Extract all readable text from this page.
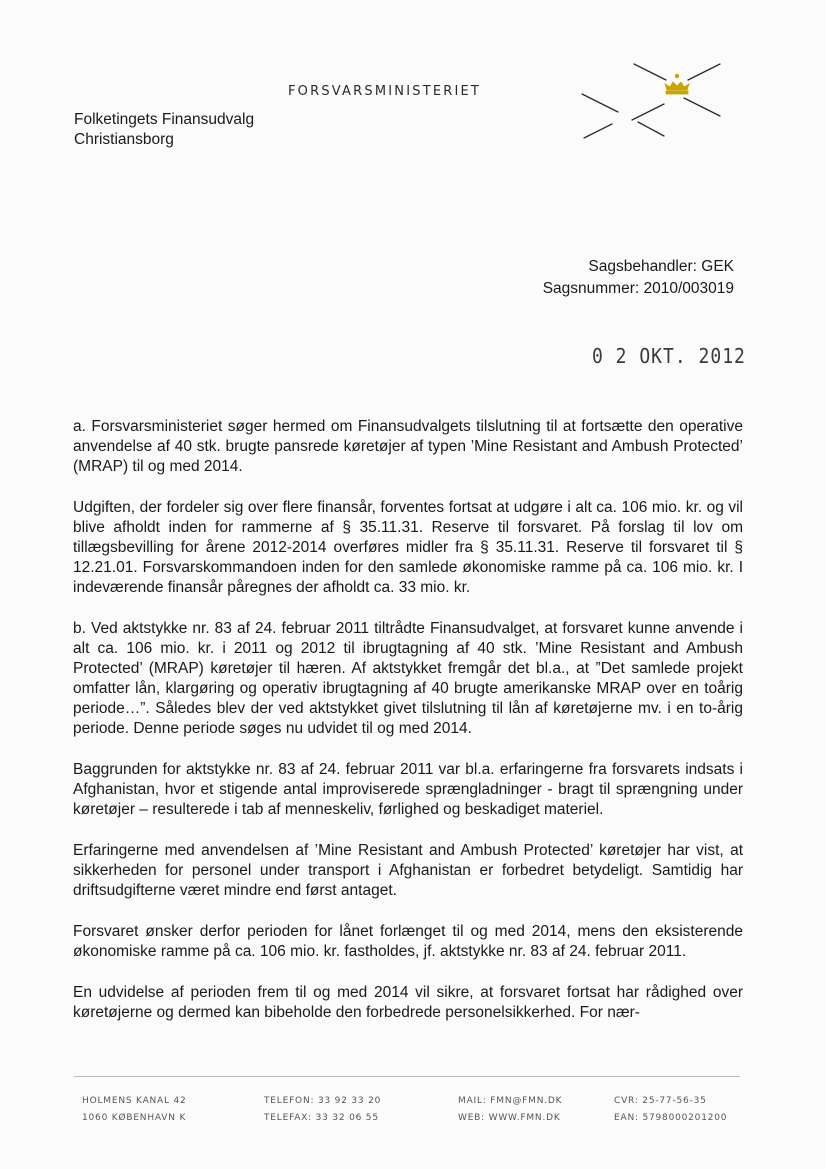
FORSVARSMINISTERIET
Folketingets Finansudvalg
Christiansborg
Sagsbehandler: GEK
Sagsnummer: 2010/003019
0 2 OKT. 2012

a. Forsvarsministeriet søger hermed om Finansudvalgets tilslutning til at fortsætte den operative anvendelse af 40 stk. brugte pansrede køretøjer af typen ’Mine Resistant and Ambush Protected’ (MRAP) til og med 2014.

Udgiften, der fordeler sig over flere finansår, forventes fortsat at udgøre i alt ca. 106 mio. kr. og vil blive afholdt inden for rammerne af § 35.11.31. Reserve til forsvaret. På forslag til lov om tillægsbevilling for årene 2012-2014 overføres midler fra § 35.11.31. Reserve til forsvaret til § 12.21.01. Forsvarskommandoen inden for den samlede økonomiske ramme på ca. 106 mio. kr. I indeværende finansår påregnes der afholdt ca. 33 mio. kr.

b. Ved aktstykke nr. 83 af 24. februar 2011 tiltrådte Finansudvalget, at forsvaret kunne anvende i alt ca. 106 mio. kr. i 2011 og 2012 til ibrugtagning af 40 stk. ’Mine Resistant and Ambush Protected’ (MRAP) køretøjer til hæren. Af aktstykket fremgår det bl.a., at ”Det samlede projekt omfatter lån, klargøring og operativ ibrugtagning af 40 brugte amerikanske MRAP over en toårig periode…”. Således blev der ved aktstykket givet tilslutning til lån af køretøjerne mv. i en to-årig periode. Denne periode søges nu udvidet til og med 2014.

Baggrunden for aktstykke nr. 83 af 24. februar 2011 var bl.a. erfaringerne fra forsvarets indsats i Afghanistan, hvor et stigende antal improviserede sprængladninger - bragt til sprængning under køretøjer – resulterede i tab af menneskeliv, førlighed og beskadiget materiel.

Erfaringerne med anvendelsen af ’Mine Resistant and Ambush Protected’ køretøjer har vist, at sikkerheden for personel under transport i Afghanistan er forbedret betydeligt. Samtidig har driftsudgifterne været mindre end først antaget.

Forsvaret ønsker derfor perioden for lånet forlænget til og med 2014, mens den eksisterende økonomiske ramme på ca. 106 mio. kr. fastholdes, jf. aktstykke nr. 83 af 24. februar 2011.

En udvidelse af perioden frem til og med 2014 vil sikre, at forsvaret fortsat har rådighed over køretøjerne og dermed kan bibeholde den forbedrede personelsikkerhed. For nær-

HOLMENS KANAL 42
1060 KØBENHAVN K
TELEFON: 33 92 33 20
TELEFAX: 33 32 06 55
MAIL: FMN@FMN.DK
WEB: WWW.FMN.DK
CVR: 25-77-56-35
EAN: 5798000201200
